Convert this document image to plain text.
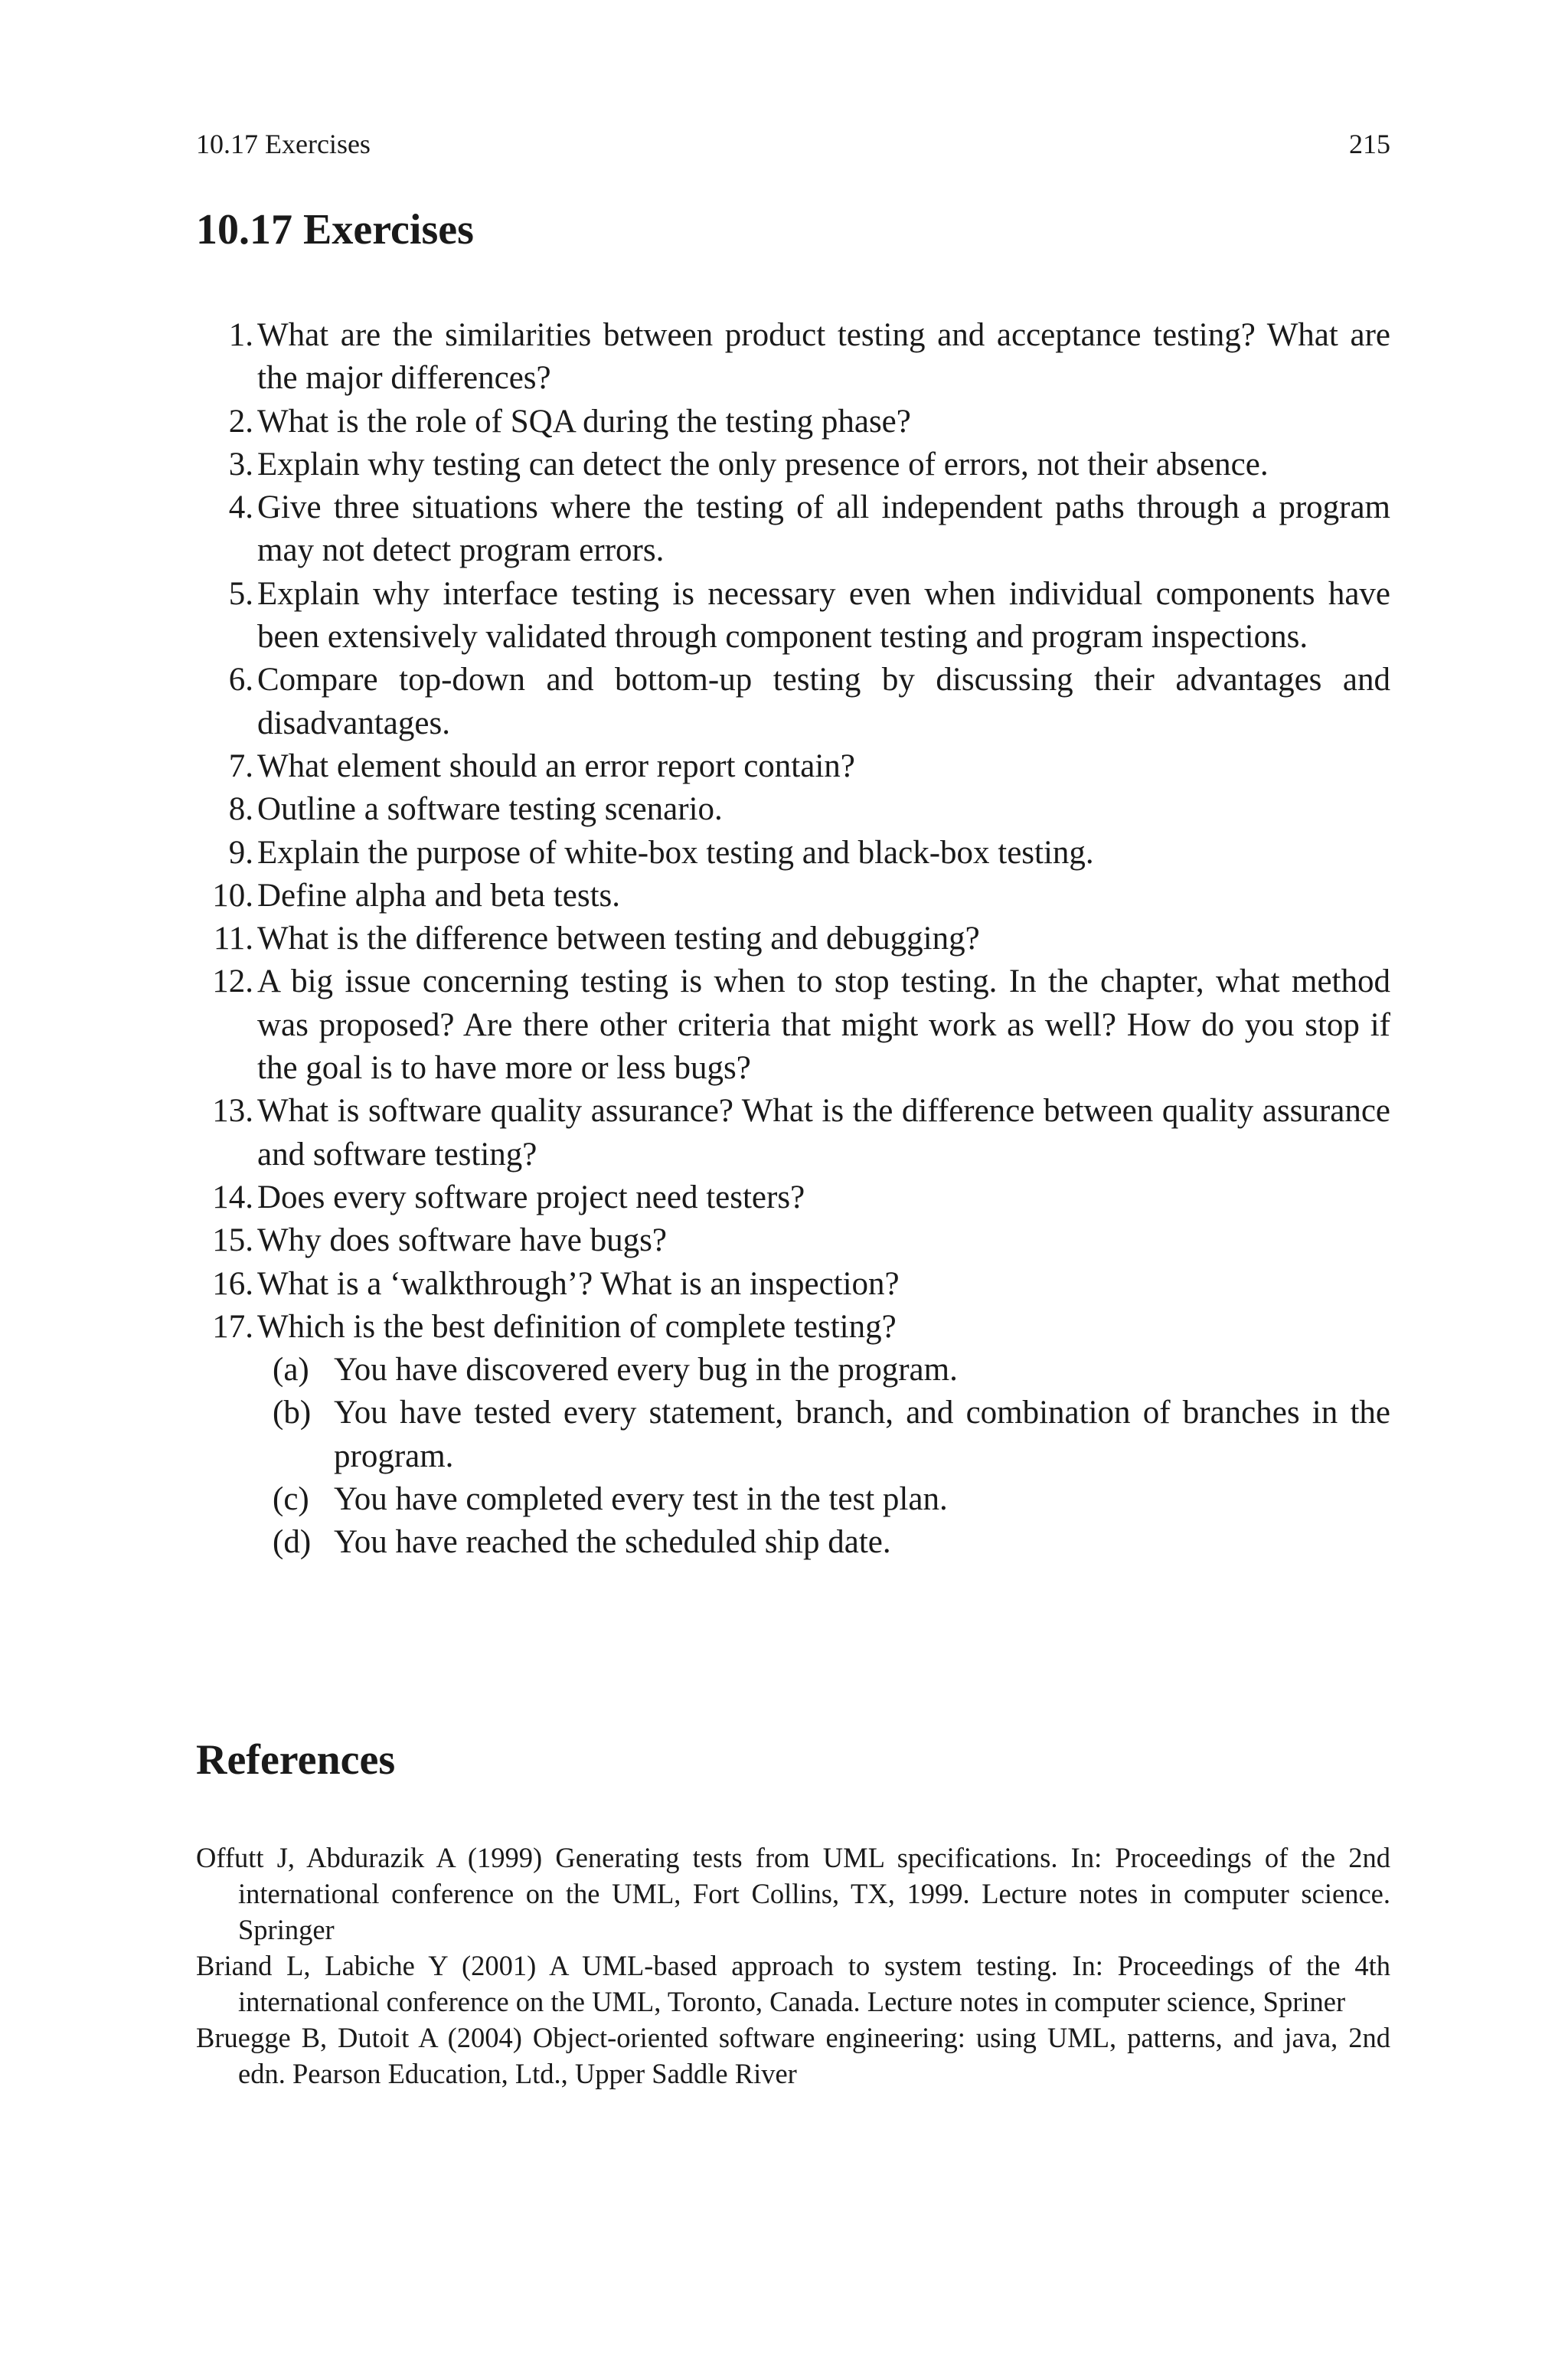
10.17 Exercises	215
10.17 Exercises
1. What are the similarities between product testing and acceptance testing? What are the major differences?
2. What is the role of SQA during the testing phase?
3. Explain why testing can detect the only presence of errors, not their absence.
4. Give three situations where the testing of all independent paths through a program may not detect program errors.
5. Explain why interface testing is necessary even when individual components have been extensively validated through component testing and program inspections.
6. Compare top-down and bottom-up testing by discussing their advantages and disadvantages.
7. What element should an error report contain?
8. Outline a software testing scenario.
9. Explain the purpose of white-box testing and black-box testing.
10. Define alpha and beta tests.
11. What is the difference between testing and debugging?
12. A big issue concerning testing is when to stop testing. In the chapter, what method was proposed? Are there other criteria that might work as well? How do you stop if the goal is to have more or less bugs?
13. What is software quality assurance? What is the difference between quality assurance and software testing?
14. Does every software project need testers?
15. Why does software have bugs?
16. What is a ‘walkthrough’? What is an inspection?
17. Which is the best definition of complete testing?
(a) You have discovered every bug in the program.
(b) You have tested every statement, branch, and combination of branches in the program.
(c) You have completed every test in the test plan.
(d) You have reached the scheduled ship date.
References
Offutt J, Abdurazik A (1999) Generating tests from UML specifications. In: Proceedings of the 2nd international conference on the UML, Fort Collins, TX, 1999. Lecture notes in computer science. Springer
Briand L, Labiche Y (2001) A UML-based approach to system testing. In: Proceedings of the 4th international conference on the UML, Toronto, Canada. Lecture notes in computer science, Spriner
Bruegge B, Dutoit A (2004) Object-oriented software engineering: using UML, patterns, and java, 2nd edn. Pearson Education, Ltd., Upper Saddle River
